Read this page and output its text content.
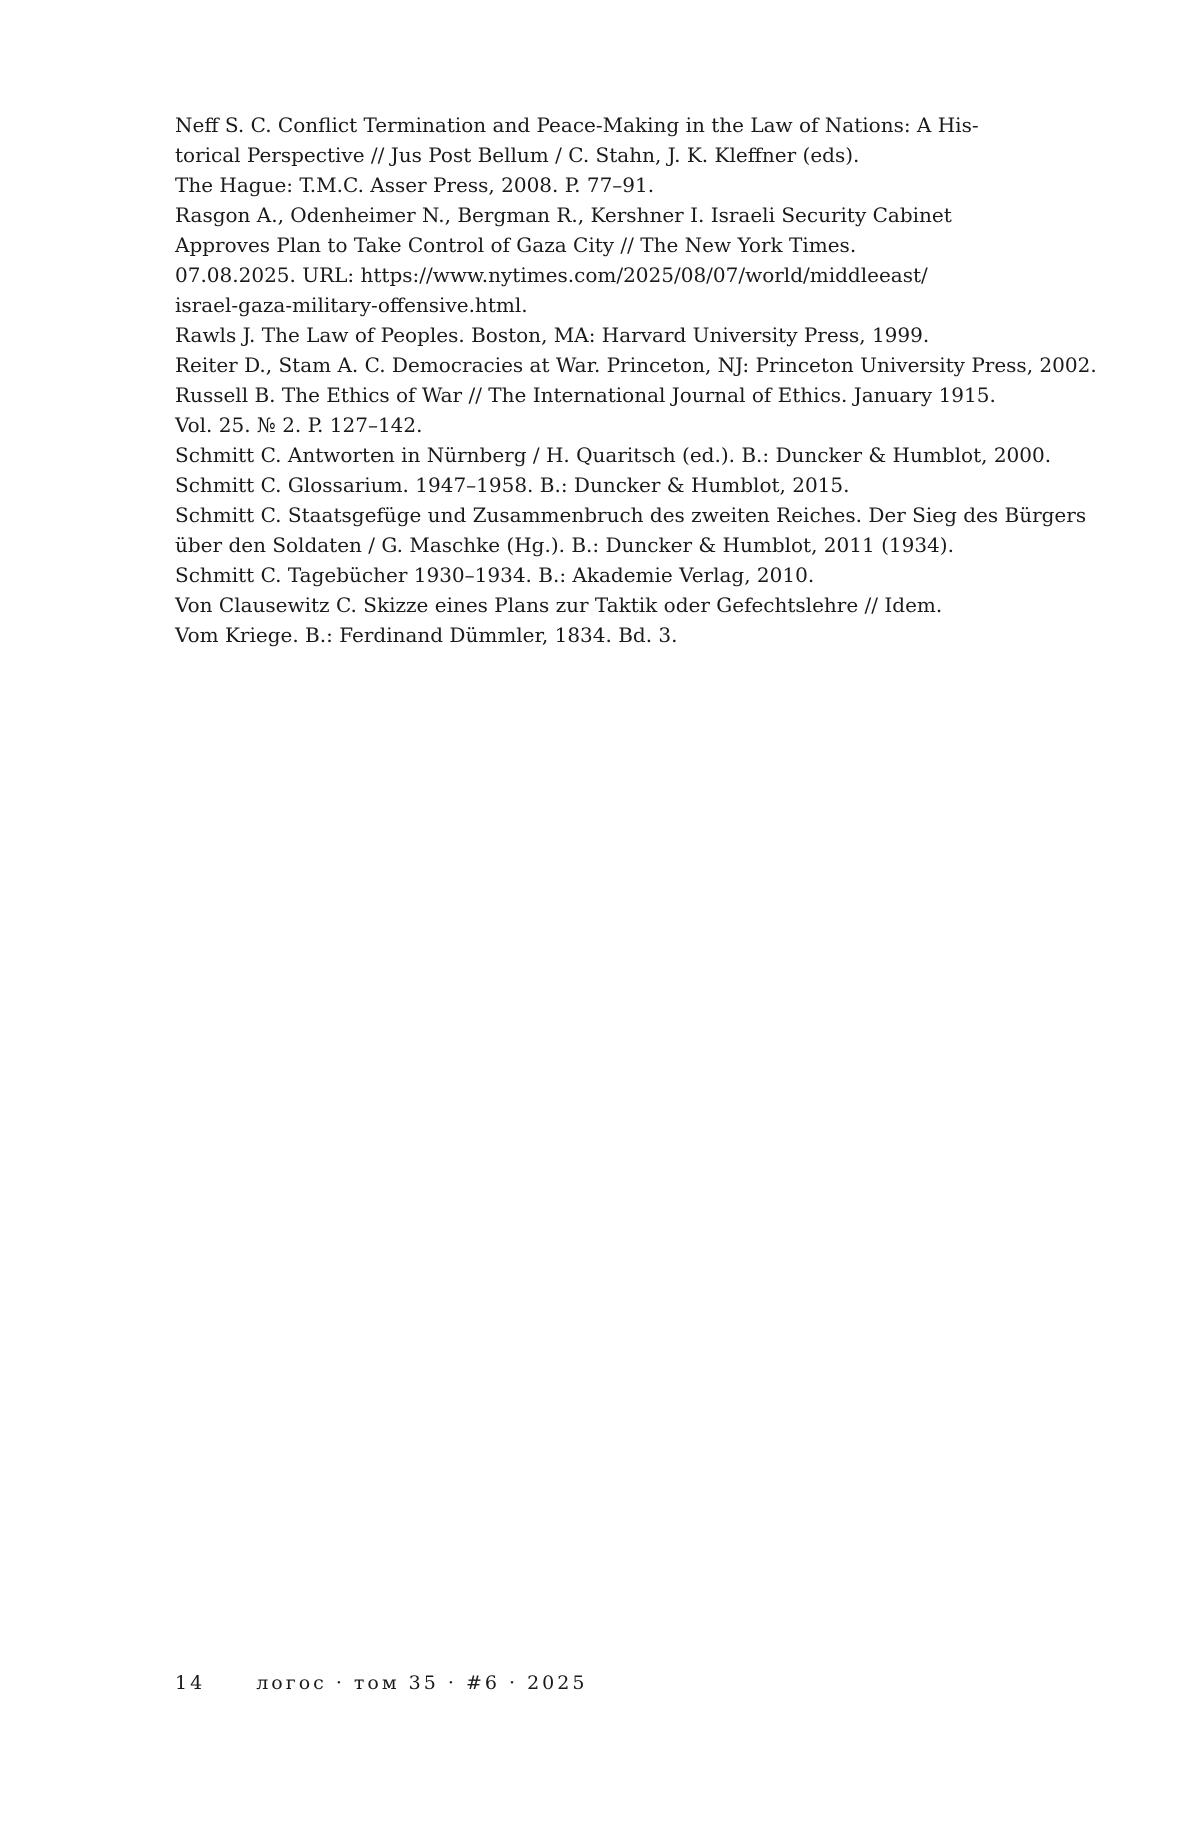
Neff S. C. Conflict Termination and Peace-Making in the Law of Nations: A His-
torical Perspective // Jus Post Bellum / C. Stahn, J. K. Kleffner (eds).
The Hague: T.M.C. Asser Press, 2008. P. 77–91.
Rasgon A., Odenheimer N., Bergman R., Kershner I. Israeli Security Cabinet
Approves Plan to Take Control of Gaza City // The New York Times.
07.08.2025. URL: https://www.nytimes.com/2025/08/07/world/middleeast/
israel-gaza-military-offensive.html.
Rawls J. The Law of Peoples. Boston, MA: Harvard University Press, 1999.
Reiter D., Stam A. C. Democracies at War. Princeton, NJ: Princeton University Press, 2002.
Russell B. The Ethics of War // The International Journal of Ethics. January 1915.
Vol. 25. № 2. P. 127–142.
Schmitt C. Antworten in Nürnberg / H. Quaritsch (ed.). B.: Duncker & Humblot, 2000.
Schmitt C. Glossarium. 1947–1958. B.: Duncker & Humblot, 2015.
Schmitt C. Staatsgefüge und Zusammenbruch des zweiten Reiches. Der Sieg des Bürgers
über den Soldaten / G. Maschke (Hg.). B.: Duncker & Humblot, 2011 (1934).
Schmitt C. Tagebücher 1930–1934. B.: Akademie Verlag, 2010.
Von Clausewitz C. Skizze eines Plans zur Taktik oder Gefechtslehre // Idem.
Vom Kriege. B.: Ferdinand Dümmler, 1834. Bd. 3.
14	логос · том 35 · #6 · 2025
